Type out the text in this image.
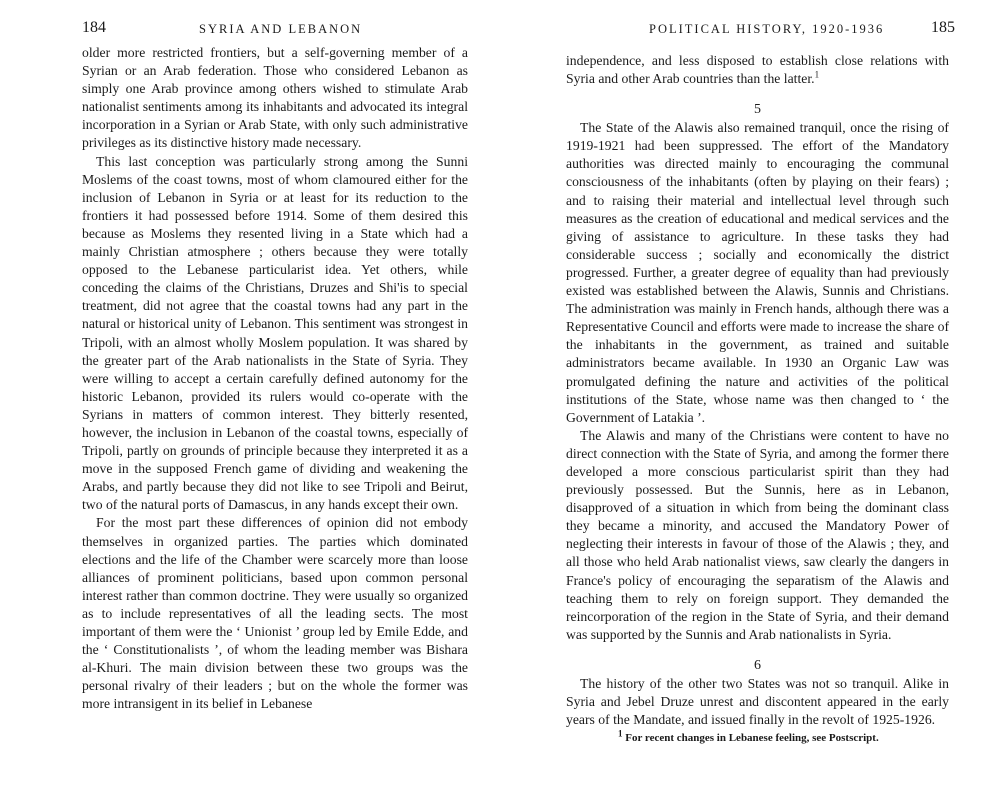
184	SYRIA AND LEBANON

older more restricted frontiers, but a self-governing member of a Syrian or an Arab federation. Those who considered Lebanon as simply one Arab province among others wished to stimulate Arab nationalist sentiments among its inhabitants and advocated its integral incorporation in a Syrian or Arab State, with only such administrative privileges as its distinctive history made necessary.

This last conception was particularly strong among the Sunni Moslems of the coast towns, most of whom clamoured either for the inclusion of Lebanon in Syria or at least for its reduction to the frontiers it had possessed before 1914. Some of them desired this because as Moslems they resented living in a State which had a mainly Christian atmosphere ; others because they were totally opposed to the Lebanese particularist idea. Yet others, while conceding the claims of the Christians, Druzes and Shi'is to special treatment, did not agree that the coastal towns had any part in the natural or historical unity of Lebanon. This sentiment was strongest in Tripoli, with an almost wholly Moslem population. It was shared by the greater part of the Arab nationalists in the State of Syria. They were willing to accept a certain carefully defined autonomy for the historic Lebanon, provided its rulers would co-operate with the Syrians in matters of common interest. They bitterly resented, however, the inclusion in Lebanon of the coastal towns, especially of Tripoli, partly on grounds of principle because they interpreted it as a move in the supposed French game of dividing and weakening the Arabs, and partly because they did not like to see Tripoli and Beirut, two of the natural ports of Damascus, in any hands except their own.

For the most part these differences of opinion did not embody themselves in organized parties. The parties which dominated elections and the life of the Chamber were scarcely more than loose alliances of prominent politicians, based upon common personal interest rather than common doctrine. They were usually so organized as to include representatives of all the leading sects. The most important of them were the ‘ Unionist ’ group led by Emile Edde, and the ‘ Constitutionalists ’, of whom the leading member was Bishara al-Khuri. The main division between these two groups was the personal rivalry of their leaders ; but on the whole the former was more intransigent in its belief in Lebanese

POLITICAL HISTORY, 1920-1936	185

independence, and less disposed to establish close relations with Syria and other Arab countries than the latter.$^1$

5

The State of the Alawis also remained tranquil, once the rising of 1919-1921 had been suppressed. The effort of the Mandatory authorities was directed mainly to encouraging the communal consciousness of the inhabitants (often by playing on their fears) ; and to raising their material and intellectual level through such measures as the creation of educational and medical services and the giving of assistance to agriculture. In these tasks they had considerable success ; socially and economically the district progressed. Further, a greater degree of equality than had previously existed was established between the Alawis, Sunnis and Christians. The administration was mainly in French hands, although there was a Representative Council and efforts were made to increase the share of the inhabitants in the government, as trained and suitable administrators became available. In 1930 an Organic Law was promulgated defining the nature and activities of the political institutions of the State, whose name was then changed to ‘ the Government of Latakia ’.

The Alawis and many of the Christians were content to have no direct connection with the State of Syria, and among the former there developed a more conscious particularist spirit than they had previously possessed. But the Sunnis, here as in Lebanon, disapproved of a situation in which from being the dominant class they became a minority, and accused the Mandatory Power of neglecting their interests in favour of those of the Alawis ; they, and all those who held Arab nationalist views, saw clearly the dangers in France's policy of encouraging the separatism of the Alawis and teaching them to rely on foreign support. They demanded the reincorporation of the region in the State of Syria, and their demand was supported by the Sunnis and Arab nationalists in Syria.

6

The history of the other two States was not so tranquil. Alike in Syria and Jebel Druze unrest and discontent appeared in the early years of the Mandate, and issued finally in the revolt of 1925-1926.

$^1$ For recent changes in Lebanese feeling, see Postscript.
